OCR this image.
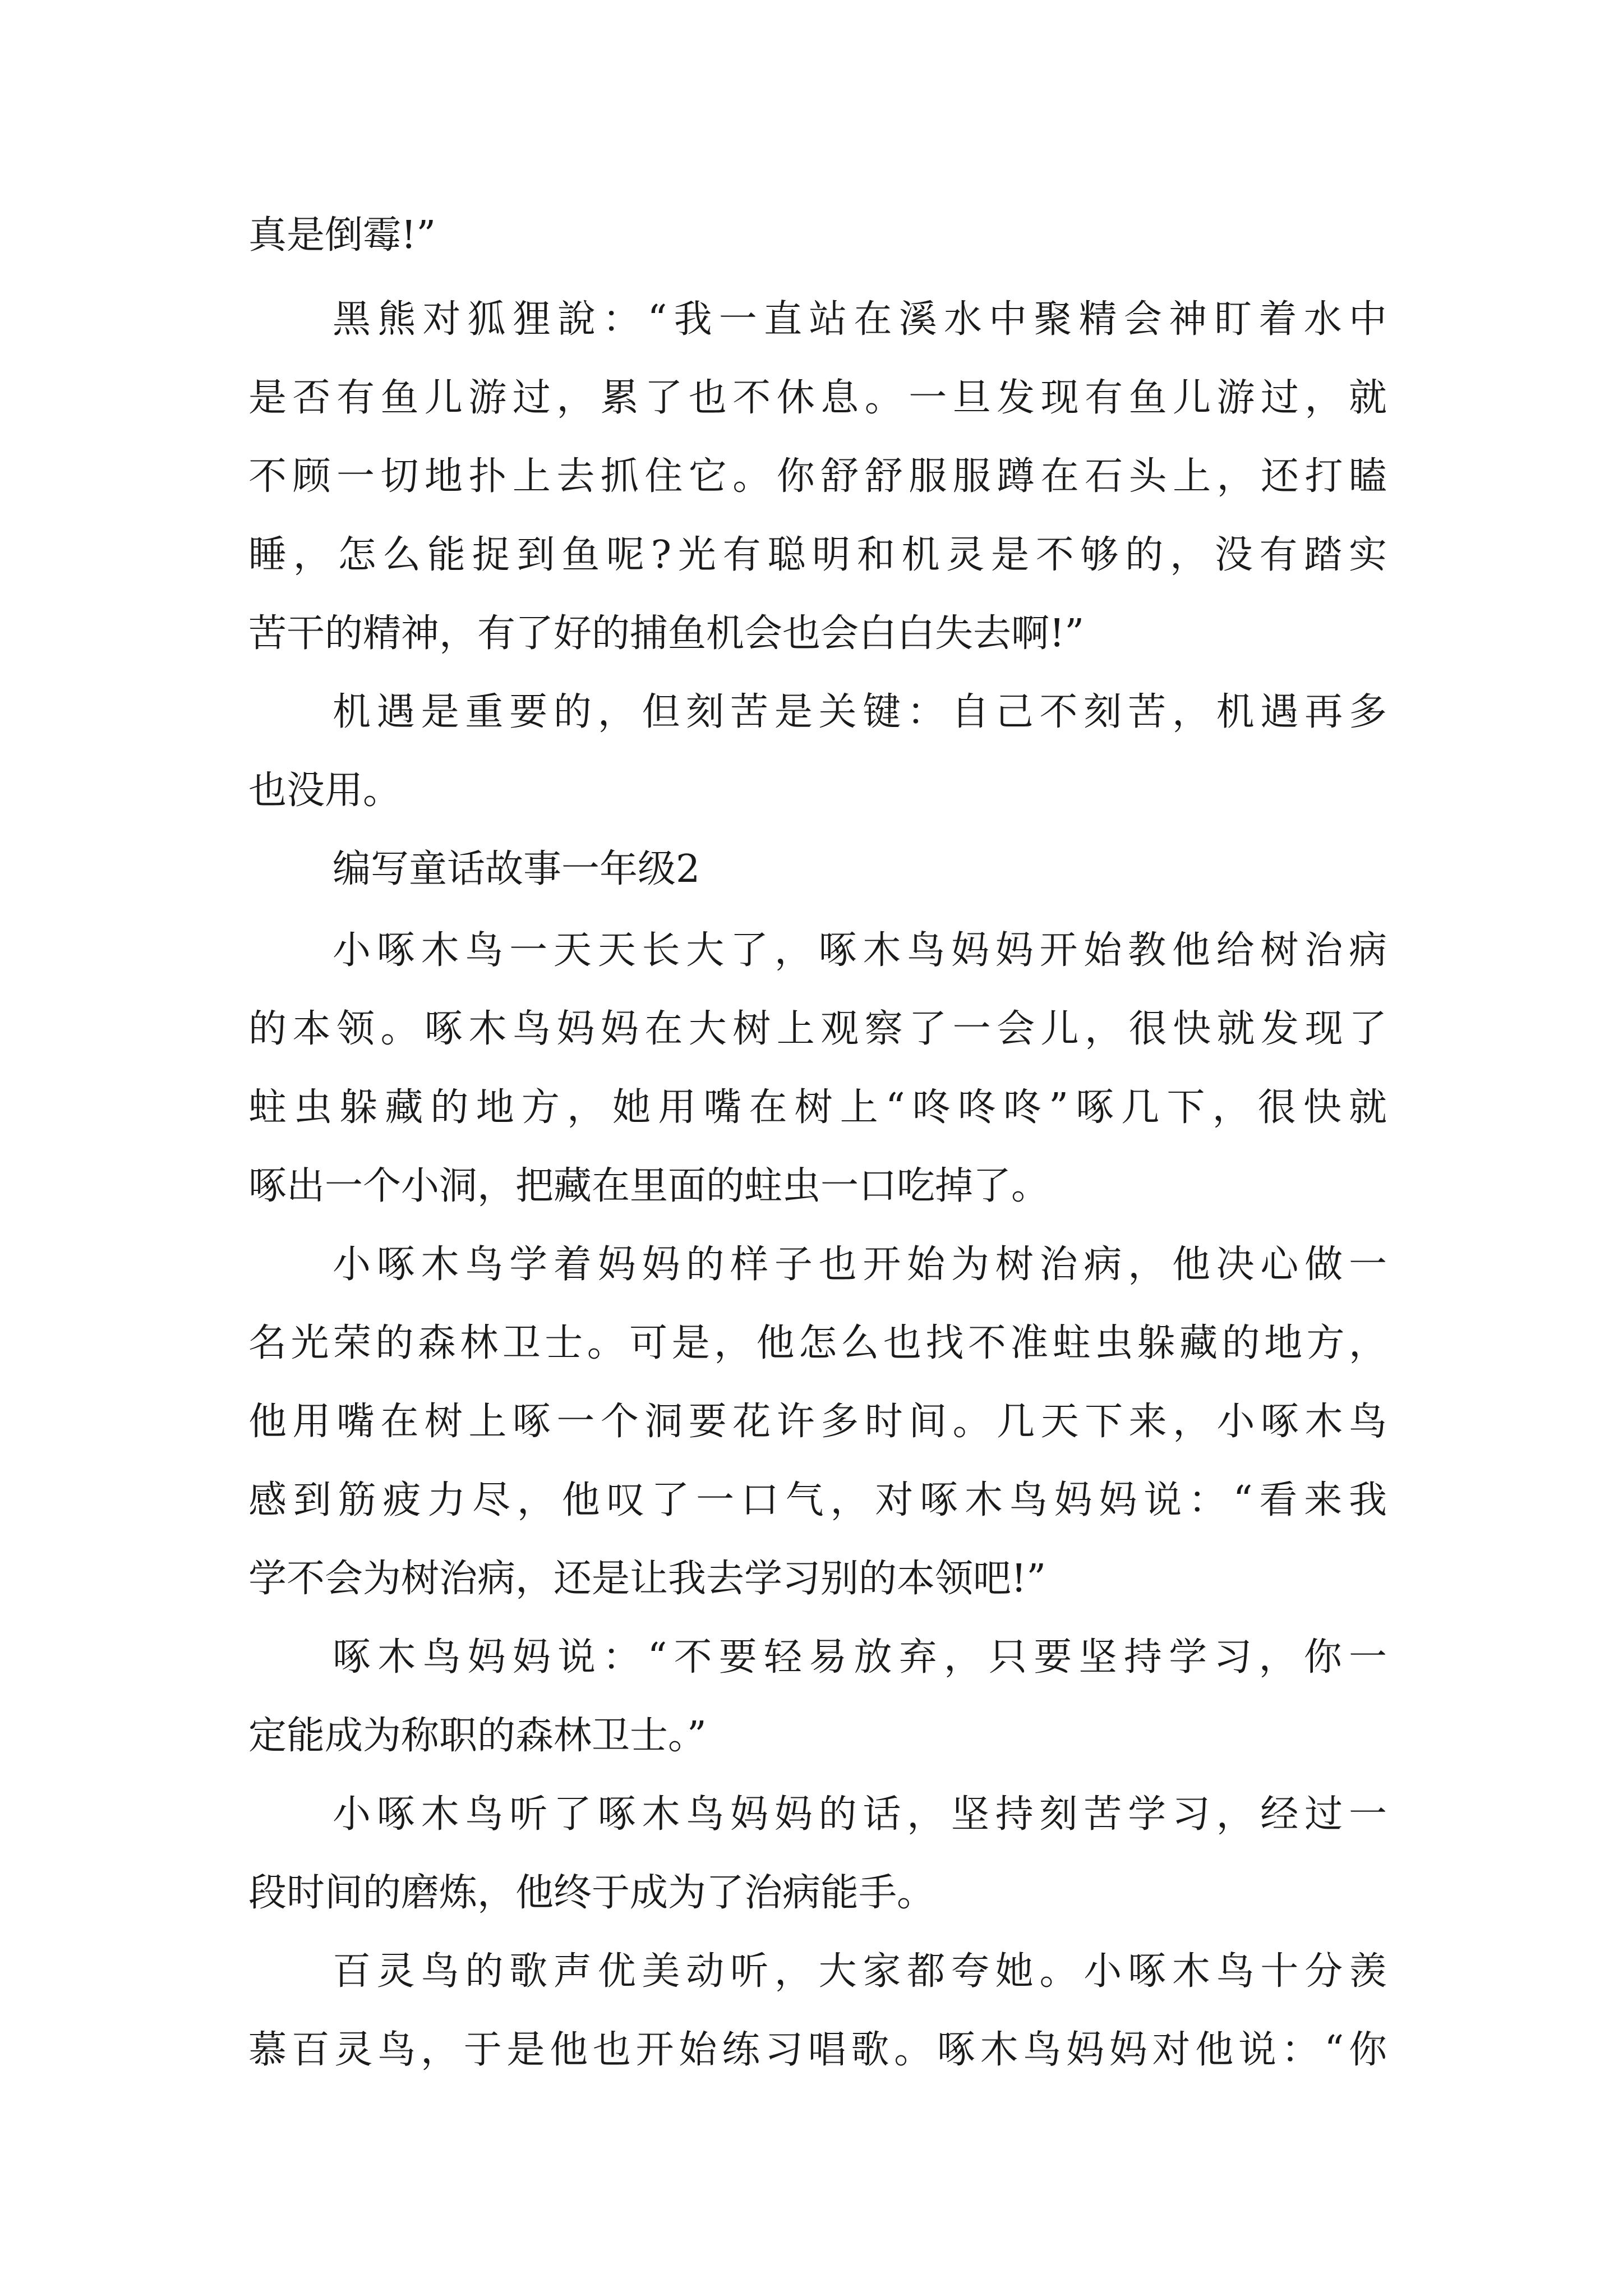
真是倒霉!”
黑熊对狐狸說：“我一直站在溪水中聚精会神盯着水中
是否有鱼儿游过，累了也不休息。一旦发现有鱼儿游过，就
不顾一切地扑上去抓住它。你舒舒服服蹲在石头上，还打瞌
睡，怎么能捉到鱼呢?光有聪明和机灵是不够的，没有踏实
苦干的精神，有了好的捕鱼机会也会白白失去啊!”
机遇是重要的，但刻苦是关键：自己不刻苦，机遇再多
也没用。
编写童话故事一年级2
小啄木鸟一天天长大了，啄木鸟妈妈开始教他给树治病
的本领。啄木鸟妈妈在大树上观察了一会儿，很快就发现了
蛀虫躲藏的地方，她用嘴在树上“咚咚咚”啄几下，很快就
啄出一个小洞，把藏在里面的蛀虫一口吃掉了。
小啄木鸟学着妈妈的样子也开始为树治病，他决心做一
名光荣的森林卫士。可是，他怎么也找不准蛀虫躲藏的地方，
他用嘴在树上啄一个洞要花许多时间。几天下来，小啄木鸟
感到筋疲力尽，他叹了一口气，对啄木鸟妈妈说：“看来我
学不会为树治病，还是让我去学习别的本领吧!”
啄木鸟妈妈说：“不要轻易放弃，只要坚持学习，你一
定能成为称职的森林卫士。”
小啄木鸟听了啄木鸟妈妈的话，坚持刻苦学习，经过一
段时间的磨炼，他终于成为了治病能手。
百灵鸟的歌声优美动听，大家都夸她。小啄木鸟十分羡
慕百灵鸟，于是他也开始练习唱歌。啄木鸟妈妈对他说：“你
